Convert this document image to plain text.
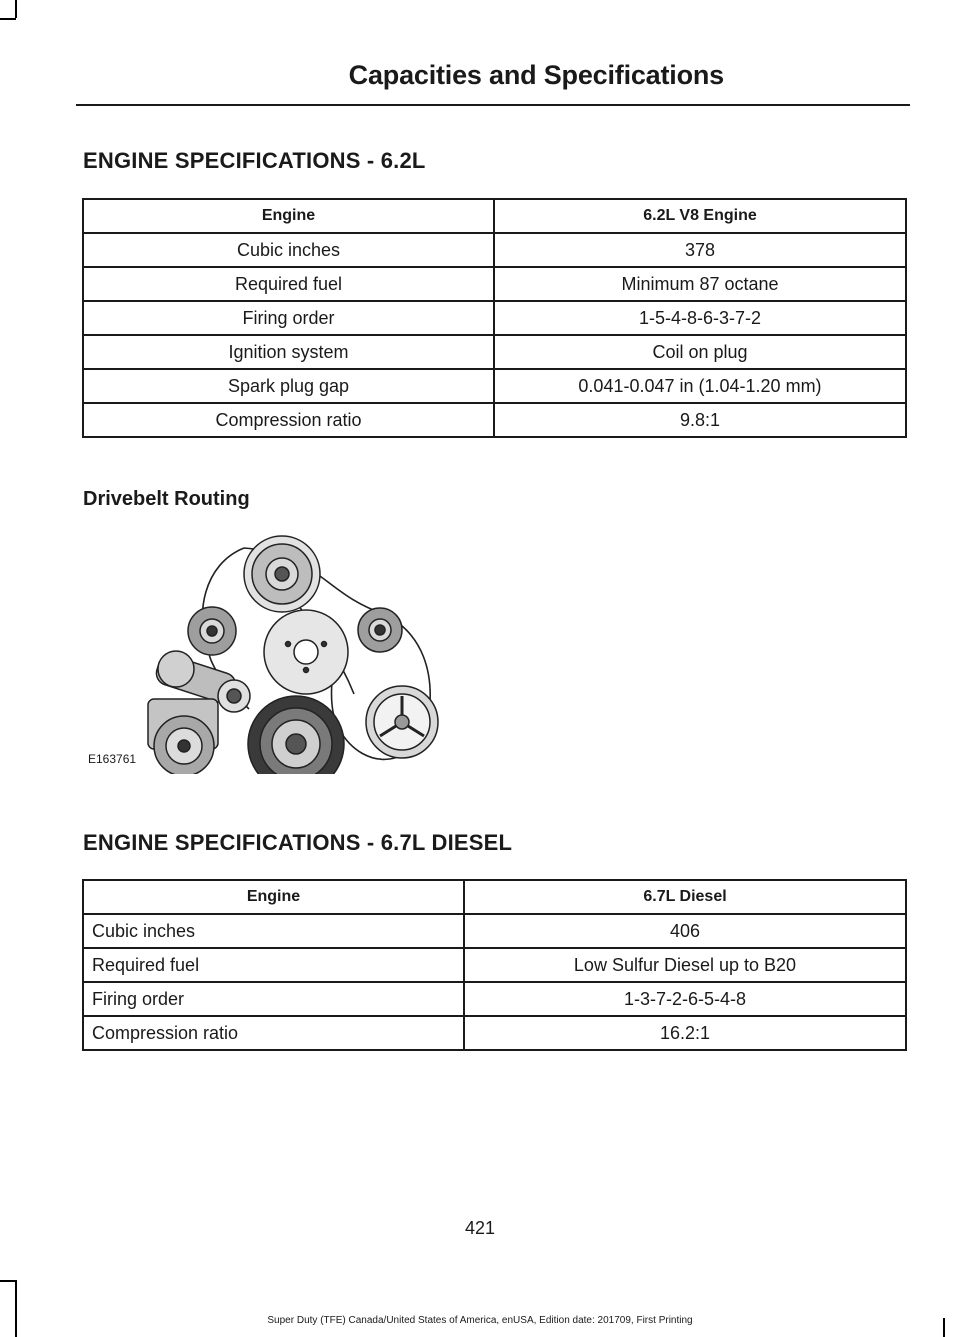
Capacities and Specifications
ENGINE SPECIFICATIONS - 6.2L
Engine	6.2L V8 Engine
Cubic inches	378
Required fuel	Minimum 87 octane
Firing order	1-5-4-8-6-3-7-2
Ignition system	Coil on plug
Spark plug gap	0.041-0.047 in (1.04-1.20 mm)
Compression ratio	9.8:1
Drivebelt Routing
E163761
ENGINE SPECIFICATIONS - 6.7L DIESEL
Engine	6.7L Diesel
Cubic inches	406
Required fuel	Low Sulfur Diesel up to B20
Firing order	1-3-7-2-6-5-4-8
Compression ratio	16.2:1
421
Super Duty (TFE) Canada/United States of America, enUSA, Edition date: 201709, First Printing
